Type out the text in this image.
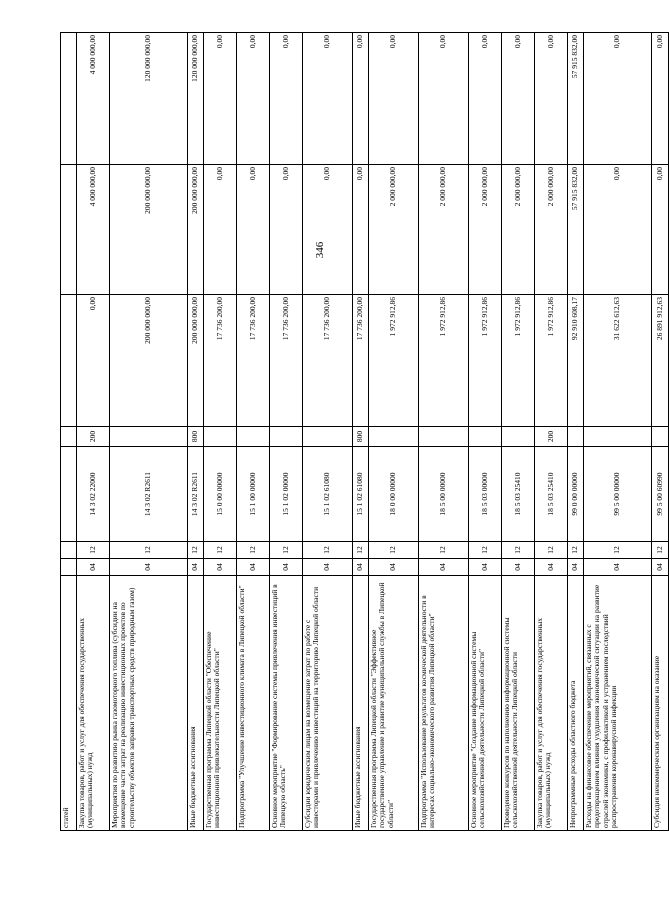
346
статей							
Закупка товаров, работ и услуг для обеспечения государственных (муниципальных) нужд	04	12	14 3 02 22000	200	0,00	4 000 000,00	4 000 000,00
Мероприятия по развитию рынка газомоторного топлива (субсидии на возмещение части затрат на реализацию инвестиционных проектов по строительству объектов заправки транспортных средств природным газом)	04	12	14 3 02 R2611		200 000 000,00	200 000 000,00	120 000 000,00
Иные бюджетные ассигнования	04	12	14 3 02 R2611	800	200 000 000,00	200 000 000,00	120 000 000,00
Государственная программа Липецкой области "Обеспечение инвестиционной привлекательности Липецкой области"	04	12	15 0 00 00000		17 736 200,00	0,00	0,00
Подпрограмма "Улучшение инвестиционного климата в Липецкой области"	04	12	15 1 00 00000		17 736 200,00	0,00	0,00
Основное мероприятие "Формирование системы привлечения инвестиций в Липецкую область"	04	12	15 1 02 00000		17 736 200,00	0,00	0,00
Субсидии юридическим лицам на возмещение затрат по работе с инвесторами и привлечению инвестиций на территорию Липецкой области	04	12	15 1 02 61080		17 736 200,00	0,00	0,00
Иные бюджетные ассигнования	04	12	15 1 02 61080	800	17 736 200,00	0,00	0,00
Государственная программа Липецкой области "Эффективное государственное управление и развитие муниципальной службы в Липецкой области"	04	12	18 0 00 00000		1 972 912,86	2 000 000,00	0,00
Подпрограмма "Использование результатов космической деятельности в интересах социально-экономического развития Липецкой области"	04	12	18 5 00 00000		1 972 912,86	2 000 000,00	0,00
Основное мероприятие "Создание информационной системы сельскохозяйственной деятельности Липецкой области"	04	12	18 5 03 00000		1 972 912,86	2 000 000,00	0,00
Проведение конкурсов по наполнению информационной системы сельскохозяйственной деятельности Липецкой области	04	12	18 5 03 25410		1 972 912,86	2 000 000,00	0,00
Закупка товаров, работ и услуг для обеспечения государственных (муниципальных) нужд	04	12	18 5 03 25410	200	1 972 912,86	2 000 000,00	0,00
Непрограммные расходы областного бюджета	04	12	99 0 00 00000		92 910 608,17	57 915 832,00	57 915 832,00
Расходы на финансовое обеспечение мероприятий, связанных с предотвращением влияния ухудшения экономической ситуации на развитие отраслей экономики, с профилактикой и устранением последствий распространения коронавирусной инфекции	04	12	99 5 00 00000		31 622 612,63	0,00	0,00
Субсидия некоммерческим организациям на оказание	04	12	99 5 00 60990		26 891 912,63	0,00	0,00
